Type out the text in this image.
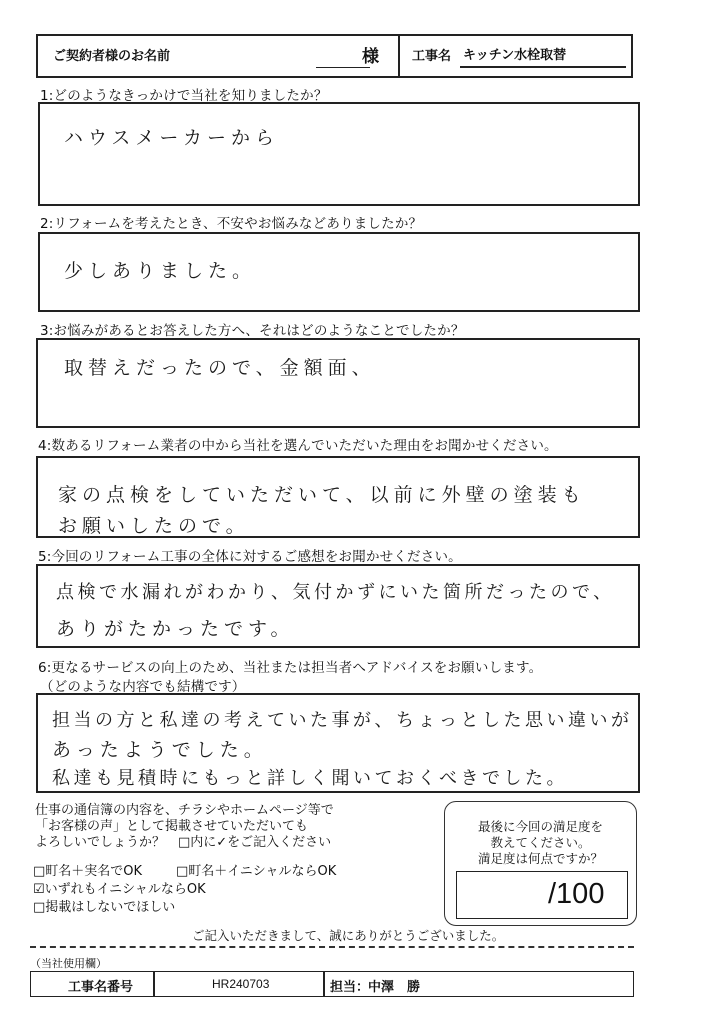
ご契約者様のお名前	様	工事名 キッチン水栓取替
1:どのようなきっかけで当社を知りましたか？
ハウスメーカーから
2:リフォームを考えたとき、不安やお悩みなどありましたか？
少しありました。
3:お悩みがあるとお答えした方へ、それはどのようなことでしたか？
取替えだったので、金額面、
4:数あるリフォーム業者の中から当社を選んでいただいた理由をお聞かせください。
家の点検をしていただいて、以前に外壁の塗装も
お願いしたので。
5:今回のリフォーム工事の全体に対するご感想をお聞かせください。
点検で水漏れがわかり、気付かずにいた箇所だったので、
ありがたかったです。
6:更なるサービスの向上のため、当社または担当者へアドバイスをお願いします。
（どのような内容でも結構です）
担当の方と私達の考えていた事が、ちょっとした思い違いが
あったようでした。
私達も見積時にもっと詳しく聞いておくべきでした。
仕事の通信簿の内容を、チラシやホームページ等で
「お客様の声」として掲載させていただいても
よろしいでしょうか？　□内に✓をご記入ください
□町名＋実名でOK	□町名＋イニシャルならOK
☑いずれもイニシャルならOK
□掲載はしないでほしい
最後に今回の満足度を
教えてください。
満足度は何点ですか？
/100
ご記入いただきまして、誠にありがとうございました。
（当社使用欄）
工事名番号	HR240703	担当：
中澤　勝
